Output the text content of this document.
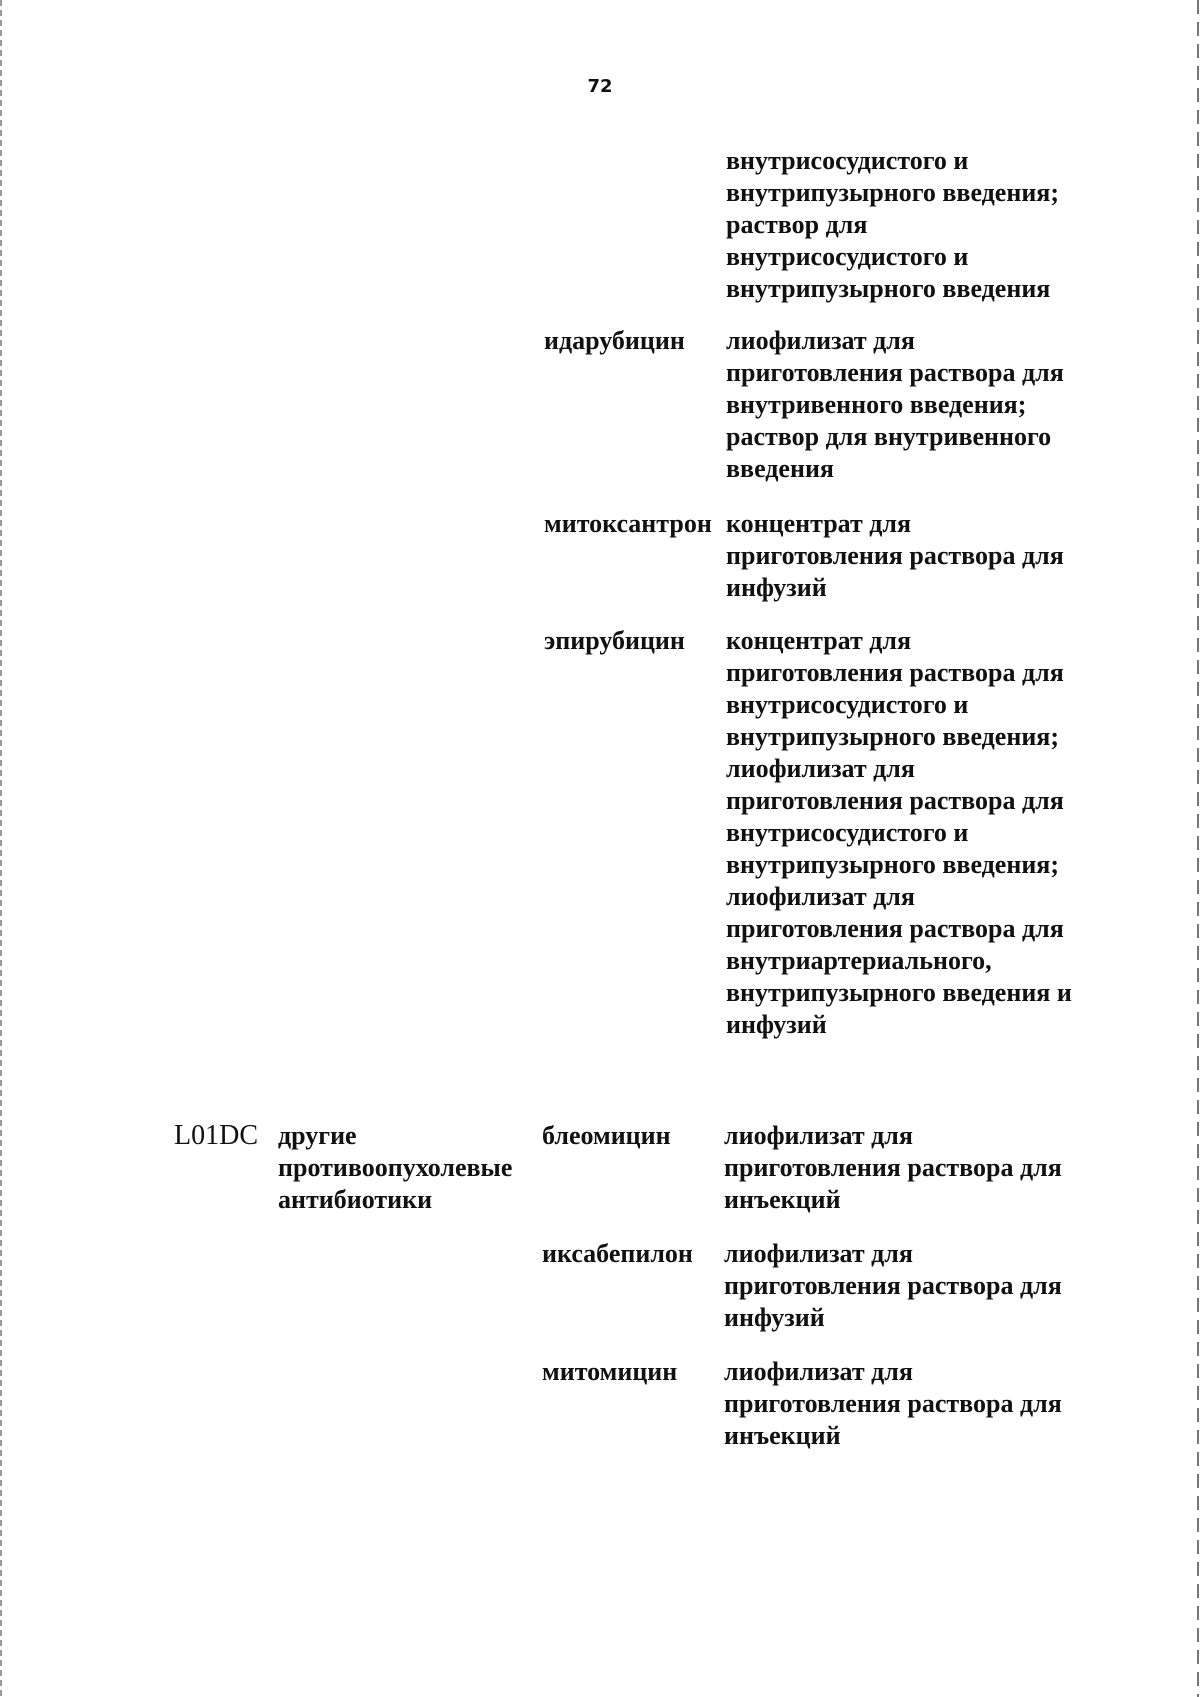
72
внутрисосудистого и
внутрипузырного введения;
раствор для
внутрисосудистого и
внутрипузырного введения
идарубицин лиофилизат для
приготовления раствора для
внутривенного введения;
раствор для внутривенного
введения
митоксантрон концентрат для
приготовления раствора для
инфузий
эпирубицин концентрат для
приготовления раствора для
внутрисосудистого и
внутрипузырного введения;
лиофилизат для
приготовления раствора для
внутрисосудистого и
внутрипузырного введения;
лиофилизат для
приготовления раствора для
внутриартериального,
внутрипузырного введения и
инфузий
L01DC другие
противоопухолевые
антибиотики
блеомицин лиофилизат для
приготовления раствора для
инъекций
иксабепилон лиофилизат для
приготовления раствора для
инфузий
митомицин лиофилизат для
приготовления раствора для
инъекций
